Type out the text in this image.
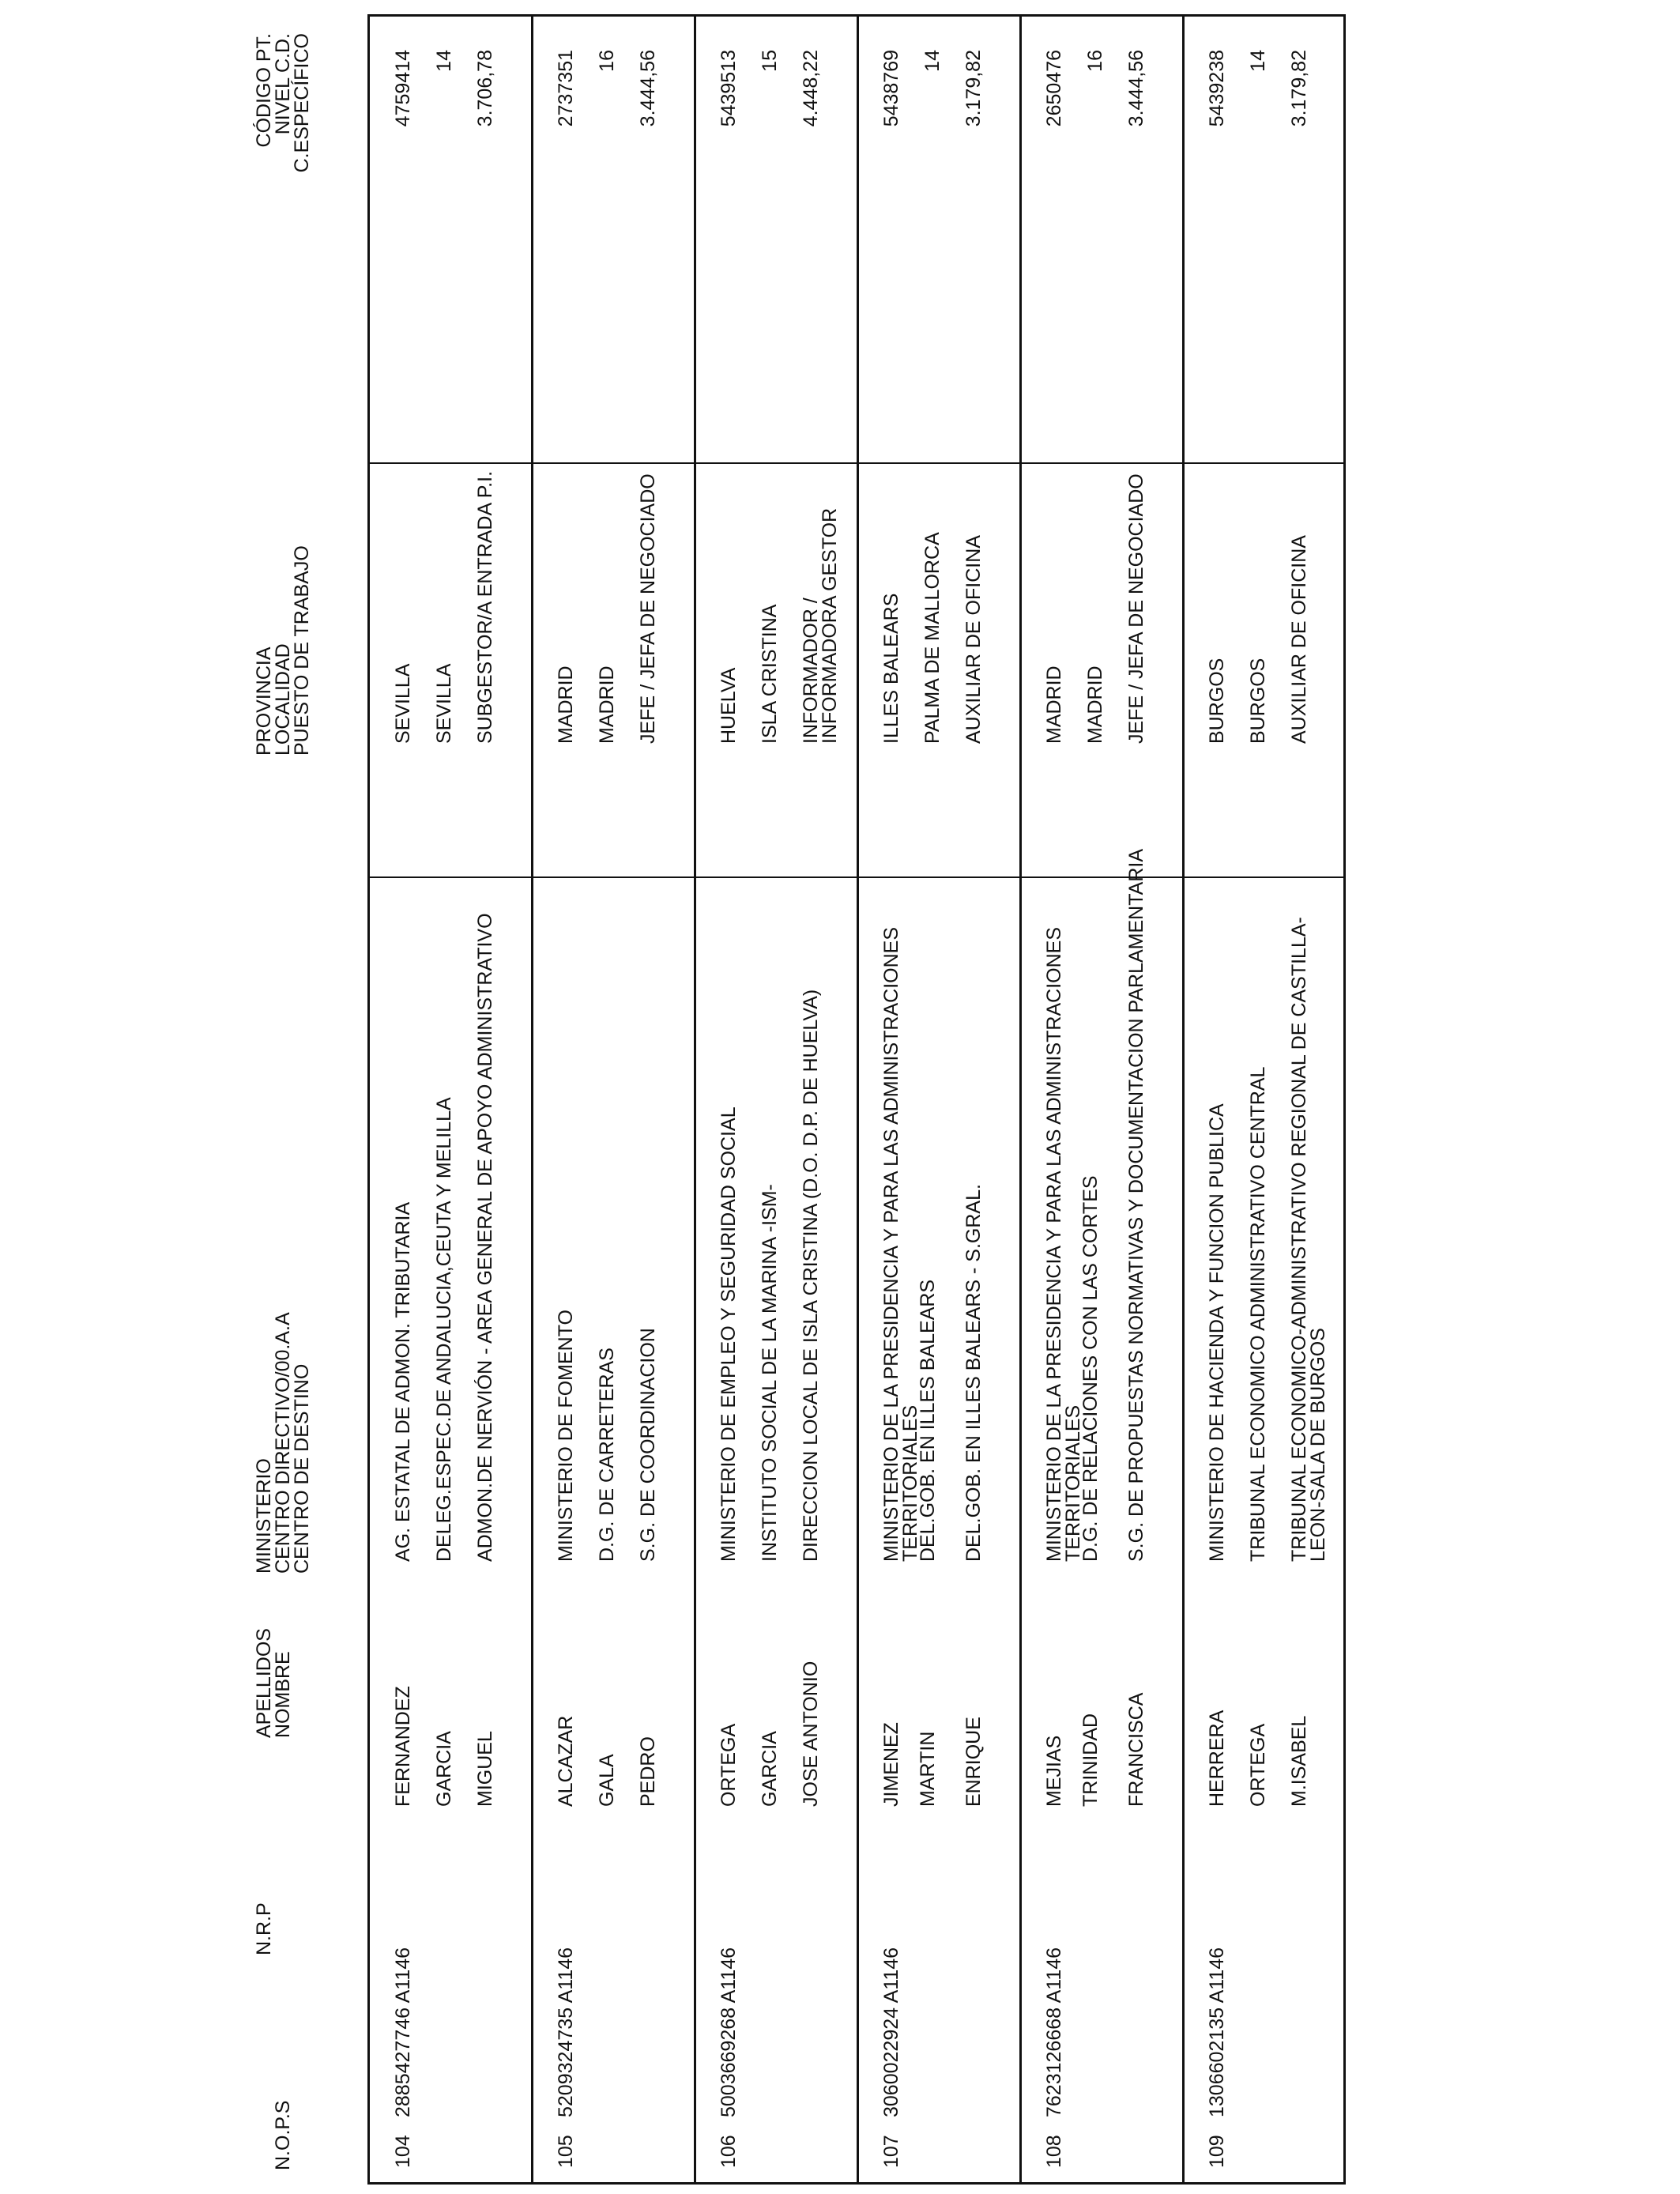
N.O.P.S
N.R.P
APELLIDOS
NOMBRE
MINISTERIO
CENTRO DIRECTIVO/00.A.A
CENTRO DE DESTINO
PROVINCIA
LOCALIDAD
PUESTO DE TRABAJO
CÓDIGO PT.
NIVEL C.D.
C.ESPECÍFICO
104
2885427746 A1146
FERNANDEZ GARCIA MIGUEL
AG. ESTATAL DE ADMON. TRIBUTARIA DELEG.ESPEC.DE ANDALUCIA,CEUTA Y MELILLA ADMON.DE NERVIÓN - AREA GENERAL DE APOYO ADMINISTRATIVO
SEVILLA SEVILLA SUBGESTOR/A ENTRADA P.I.
4759414 14 3.706,78
105
5209324735 A1146
ALCAZAR GALA PEDRO
MINISTERIO DE FOMENTO D.G. DE CARRETERAS S.G. DE COORDINACION
MADRID MADRID JEFE / JEFA DE NEGOCIADO
2737351 16 3.444,56
106
5003669268 A1146
ORTEGA GARCIA JOSE ANTONIO
MINISTERIO DE EMPLEO Y SEGURIDAD SOCIAL INSTITUTO SOCIAL DE LA MARINA -ISM- DIRECCION LOCAL DE ISLA CRISTINA (D.O. D.P. DE HUELVA)
HUELVA ISLA CRISTINA INFORMADOR / INFORMADORA GESTOR
5439513 15 4.448,22
107
3060022924 A1146
JIMENEZ MARTIN ENRIQUE
MINISTERIO DE LA PRESIDENCIA Y PARA LAS ADMINISTRACIONES TERRITORIALES
DEL.GOB. EN ILLES BALEARS DEL.GOB. EN ILLES BALEARS - S.GRAL.
ILLES BALEARS PALMA DE MALLORCA AUXILIAR DE OFICINA
5438769 14 3.179,82
108
7623126668 A1146
MEJIAS TRINIDAD FRANCISCA
MINISTERIO DE LA PRESIDENCIA Y PARA LAS ADMINISTRACIONES TERRITORIALES
D.G. DE RELACIONES CON LAS CORTES S.G. DE PROPUESTAS NORMATIVAS Y DOCUMENTACION PARLAMENTARIA
MADRID MADRID JEFE / JEFA DE NEGOCIADO
2650476 16 3.444,56
109
1306602135 A1146
HERRERA ORTEGA M.ISABEL
MINISTERIO DE HACIENDA Y FUNCION PUBLICA TRIBUNAL ECONOMICO ADMINISTRATIVO CENTRAL TRIBUNAL ECONOMICO-ADMINISTRATIVO REGIONAL DE CASTILLA-LEON-SALA DE BURGOS
BURGOS BURGOS AUXILIAR DE OFICINA
5439238 14 3.179,82
